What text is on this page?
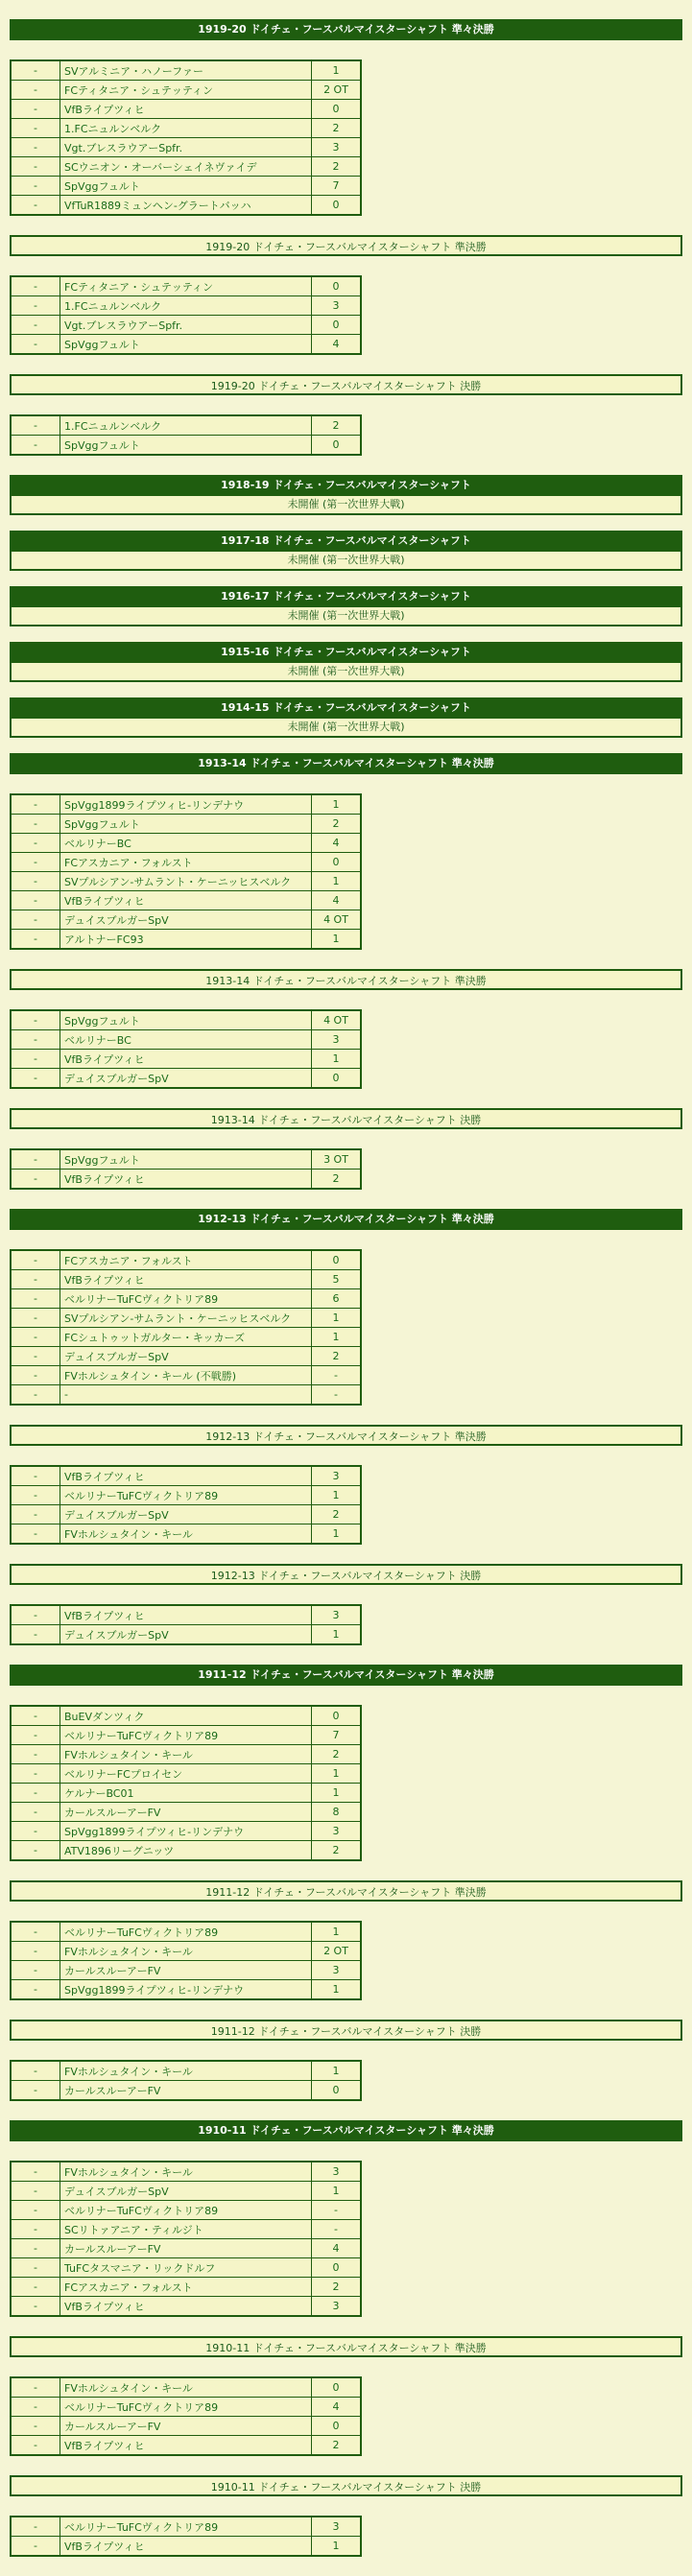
1919-20 ドイチェ・フースバルマイスターシャフト 準々決勝
-	SVアルミニア・ハノーファー	1
-	FCティタニア・シュテッティン	2 OT
-	VfBライプツィヒ	0
-	1.FCニュルンベルク	2
-	Vgt.ブレスラウアーSpfr.	3
-	SCウニオン・オーバーシェイネヴァイデ	2
-	SpVggフュルト	7
-	VfTuR1889ミュンヘン-グラートバッハ	0
1919-20 ドイチェ・フースバルマイスターシャフト 準決勝
-	FCティタニア・シュテッティン	0
-	1.FCニュルンベルク	3
-	Vgt.ブレスラウアーSpfr.	0
-	SpVggフュルト	4
1919-20 ドイチェ・フースバルマイスターシャフト 決勝
-	1.FCニュルンベルク	2
-	SpVggフュルト	0
1918-19 ドイチェ・フースバルマイスターシャフト
未開催 (第一次世界大戦)
1917-18 ドイチェ・フースバルマイスターシャフト
未開催 (第一次世界大戦)
1916-17 ドイチェ・フースバルマイスターシャフト
未開催 (第一次世界大戦)
1915-16 ドイチェ・フースバルマイスターシャフト
未開催 (第一次世界大戦)
1914-15 ドイチェ・フースバルマイスターシャフト
未開催 (第一次世界大戦)
1913-14 ドイチェ・フースバルマイスターシャフト 準々決勝
-	SpVgg1899ライプツィヒ-リンデナウ	1
-	SpVggフュルト	2
-	ベルリナーBC	4
-	FCアスカニア・フォルスト	0
-	SVプルシアン-サムラント・ケーニッヒスベルク	1
-	VfBライプツィヒ	4
-	デュイスブルガーSpV	4 OT
-	アルトナーFC93	1
1913-14 ドイチェ・フースバルマイスターシャフト 準決勝
-	SpVggフュルト	4 OT
-	ベルリナーBC	3
-	VfBライプツィヒ	1
-	デュイスブルガーSpV	0
1913-14 ドイチェ・フースバルマイスターシャフト 決勝
-	SpVggフュルト	3 OT
-	VfBライプツィヒ	2
1912-13 ドイチェ・フースバルマイスターシャフト 準々決勝
-	FCアスカニア・フォルスト	0
-	VfBライプツィヒ	5
-	ベルリナーTuFCヴィクトリア89	6
-	SVプルシアン-サムラント・ケーニッヒスベルク	1
-	FCシュトゥットガルター・キッカーズ	1
-	デュイスブルガーSpV	2
-	FVホルシュタイン・キール (不戦勝)	-
-	-	-
1912-13 ドイチェ・フースバルマイスターシャフト 準決勝
-	VfBライプツィヒ	3
-	ベルリナーTuFCヴィクトリア89	1
-	デュイスブルガーSpV	2
-	FVホルシュタイン・キール	1
1912-13 ドイチェ・フースバルマイスターシャフト 決勝
-	VfBライプツィヒ	3
-	デュイスブルガーSpV	1
1911-12 ドイチェ・フースバルマイスターシャフト 準々決勝
-	BuEVダンツィク	0
-	ベルリナーTuFCヴィクトリア89	7
-	FVホルシュタイン・キール	2
-	ベルリナーFCプロイセン	1
-	ケルナーBC01	1
-	カールスルーアーFV	8
-	SpVgg1899ライプツィヒ-リンデナウ	3
-	ATV1896リーグニッツ	2
1911-12 ドイチェ・フースバルマイスターシャフト 準決勝
-	ベルリナーTuFCヴィクトリア89	1
-	FVホルシュタイン・キール	2 OT
-	カールスルーアーFV	3
-	SpVgg1899ライプツィヒ-リンデナウ	1
1911-12 ドイチェ・フースバルマイスターシャフト 決勝
-	FVホルシュタイン・キール	1
-	カールスルーアーFV	0
1910-11 ドイチェ・フースバルマイスターシャフト 準々決勝
-	FVホルシュタイン・キール	3
-	デュイスブルガーSpV	1
-	ベルリナーTuFCヴィクトリア89	-
-	SCリトァアニア・ティルジト	-
-	カールスルーアーFV	4
-	TuFCタスマニア・リックドルフ	0
-	FCアスカニア・フォルスト	2
-	VfBライプツィヒ	3
1910-11 ドイチェ・フースバルマイスターシャフト 準決勝
-	FVホルシュタイン・キール	0
-	ベルリナーTuFCヴィクトリア89	4
-	カールスルーアーFV	0
-	VfBライプツィヒ	2
1910-11 ドイチェ・フースバルマイスターシャフト 決勝
-	ベルリナーTuFCヴィクトリア89	3
-	VfBライプツィヒ	1
